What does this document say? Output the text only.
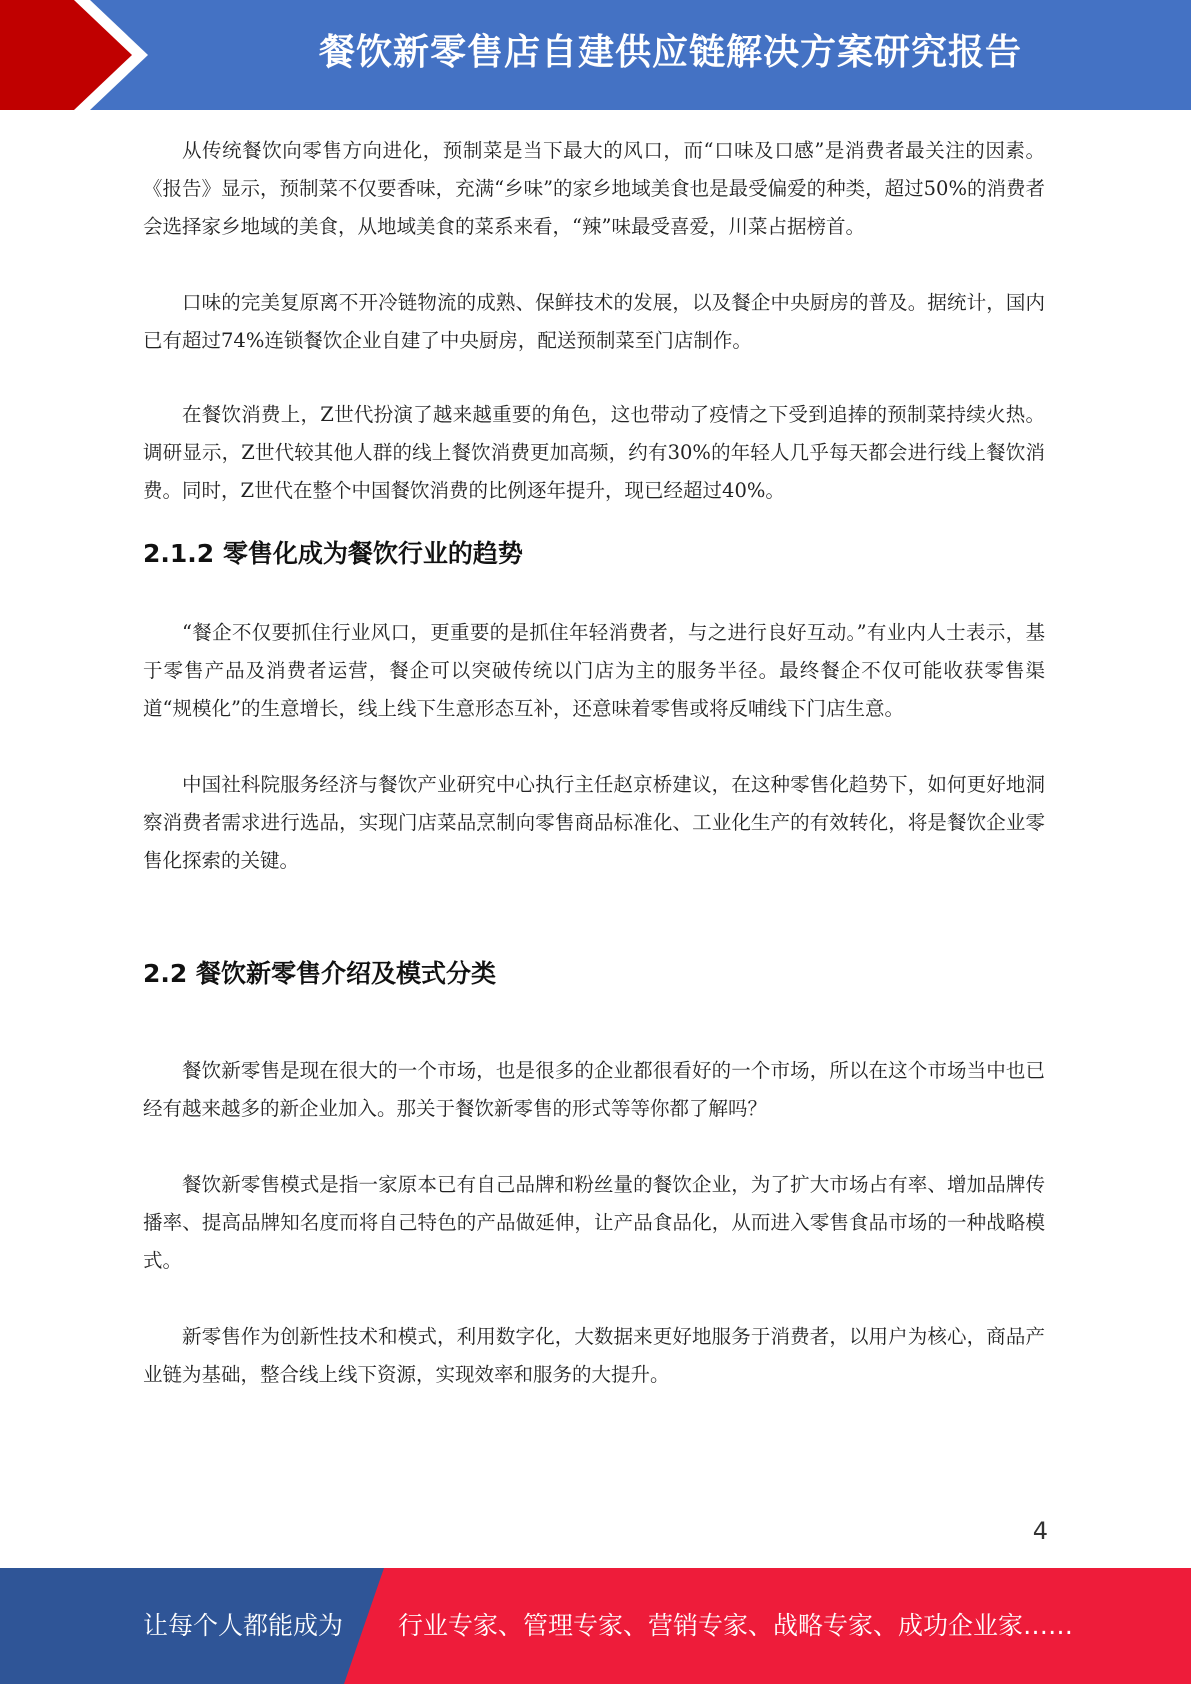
餐饮新零售店自建供应链解决方案研究报告

从传统餐饮向零售方向进化，预制菜是当下最大的风口，而“口味及口感”是消费者最关注的因素。《报告》显示，预制菜不仅要香味，充满“乡味”的家乡地域美食也是最受偏爱的种类，超过50%的消费者会选择家乡地域的美食，从地域美食的菜系来看，“辣”味最受喜爱，川菜占据榜首。

口味的完美复原离不开冷链物流的成熟、保鲜技术的发展，以及餐企中央厨房的普及。据统计，国内已有超过74%连锁餐饮企业自建了中央厨房，配送预制菜至门店制作。

在餐饮消费上，Z世代扮演了越来越重要的角色，这也带动了疫情之下受到追捧的预制菜持续火热。调研显示，Z世代较其他人群的线上餐饮消费更加高频，约有30%的年轻人几乎每天都会进行线上餐饮消费。同时，Z世代在整个中国餐饮消费的比例逐年提升，现已经超过40%。

2.1.2 零售化成为餐饮行业的趋势

“餐企不仅要抓住行业风口，更重要的是抓住年轻消费者，与之进行良好互动。”有业内人士表示，基于零售产品及消费者运营，餐企可以突破传统以门店为主的服务半径。最终餐企不仅可能收获零售渠道“规模化”的生意增长，线上线下生意形态互补，还意味着零售或将反哺线下门店生意。

中国社科院服务经济与餐饮产业研究中心执行主任赵京桥建议，在这种零售化趋势下，如何更好地洞察消费者需求进行选品，实现门店菜品烹制向零售商品标准化、工业化生产的有效转化，将是餐饮企业零售化探索的关键。

2.2 餐饮新零售介绍及模式分类

餐饮新零售是现在很大的一个市场，也是很多的企业都很看好的一个市场，所以在这个市场当中也已经有越来越多的新企业加入。那关于餐饮新零售的形式等等你都了解吗？

餐饮新零售模式是指一家原本已有自己品牌和粉丝量的餐饮企业，为了扩大市场占有率、增加品牌传播率、提高品牌知名度而将自己特色的产品做延伸，让产品食品化，从而进入零售食品市场的一种战略模式。

新零售作为创新性技术和模式，利用数字化，大数据来更好地服务于消费者，以用户为核心，商品产业链为基础，整合线上线下资源，实现效率和服务的大提升。

4
让每个人都能成为 行业专家、管理专家、营销专家、战略专家、成功企业家……
